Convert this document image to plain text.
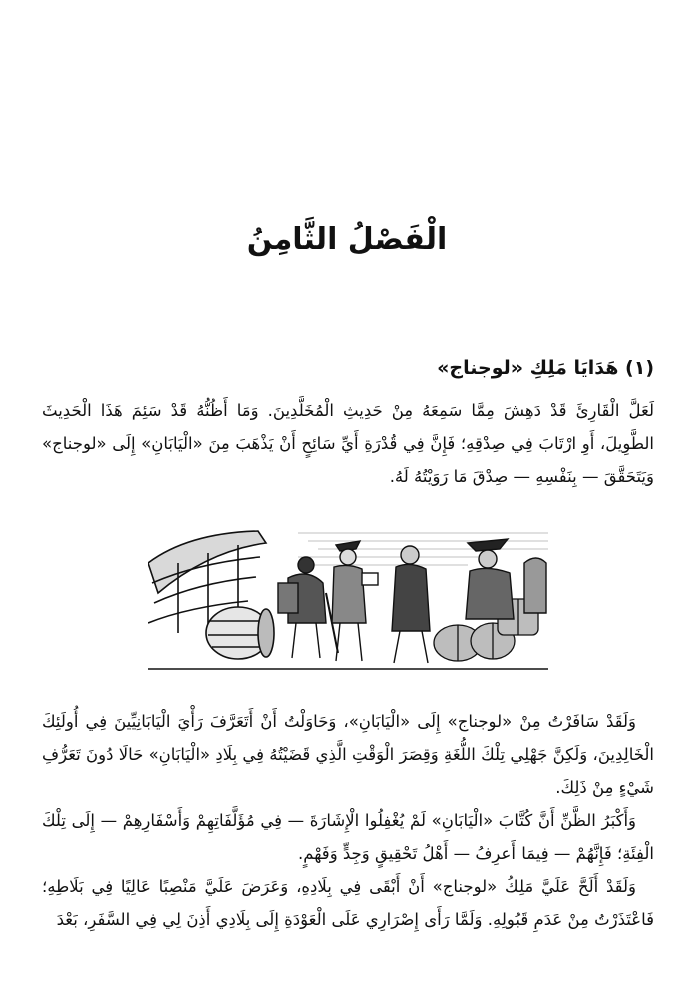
الْفَصْلُ الثَّامِنُ
(١) هَدَايَا مَلِكِ «لوجناج»

لَعَلَّ الْقَارِئَ قَدْ دَهِشَ مِمَّا سَمِعَهُ مِنْ حَدِيثِ الْمُخَلَّدِينَ. وَمَا أَظُنُّهُ قَدْ سَئِمَ هَذَا الْحَدِيثَ الطَّوِيلَ، أَوِ ارْتَابَ فِي صِدْقِهِ؛ فَإِنَّ فِي قُدْرَةِ أَيِّ سَائِحٍ أَنْ يَذْهَبَ مِنَ «الْيَابَانِ» إِلَى «لوجناج» وَيَتَحَقَّقَ — بِنَفْسِهِ — صِدْقَ مَا رَوَيْتُهُ لَهُ.

وَلَقَدْ سَافَرْتُ مِنْ «لوجناج» إِلَى «الْيَابَانِ»، وَحَاوَلْتُ أَنْ أَتَعَرَّفَ رَأْيَ الْيَابَانِيِّينَ فِي أُولَئِكَ الْخَالِدِينَ، وَلَكِنَّ جَهْلِي تِلْكَ اللُّغَةِ وَقِصَرَ الْوَقْتِ الَّذِي قَضَيْتُهُ فِي بِلَادِ «الْيَابَانِ» حَالَا دُونَ تَعَرُّفِ شَيْءٍ مِنْ ذَلِكَ.

وَأَكْبَرُ الظَّنِّ أَنَّ كُتَّابَ «الْيَابَانِ» لَمْ يُغْفِلُوا الْإِشَارَةَ — فِي مُؤَلَّفَاتِهِمْ وَأَسْفَارِهِمْ — إِلَى تِلْكَ الْفِئَةِ؛ فَإِنَّهُمْ — فِيمَا أَعرِفُ — أَهْلُ تَحْقِيقٍ وَجِدٍّ وَفَهْمٍ.

وَلَقَدْ أَلَحَّ عَلَيَّ مَلِكُ «لوجناج» أَنْ أَبْقَى فِي بِلَادِهِ، وَعَرَضَ عَلَيَّ مَنْصِبًا عَالِيًا فِي بَلَاطِهِ؛ فَاعْتَذَرْتُ مِنْ عَدَمِ قَبُولِهِ. وَلَمَّا رَأَى إِصْرَارِي عَلَى الْعَوْدَةِ إِلَى بِلَادِي أَذِنَ لِي فِي السَّفَرِ، بَعْدَ
